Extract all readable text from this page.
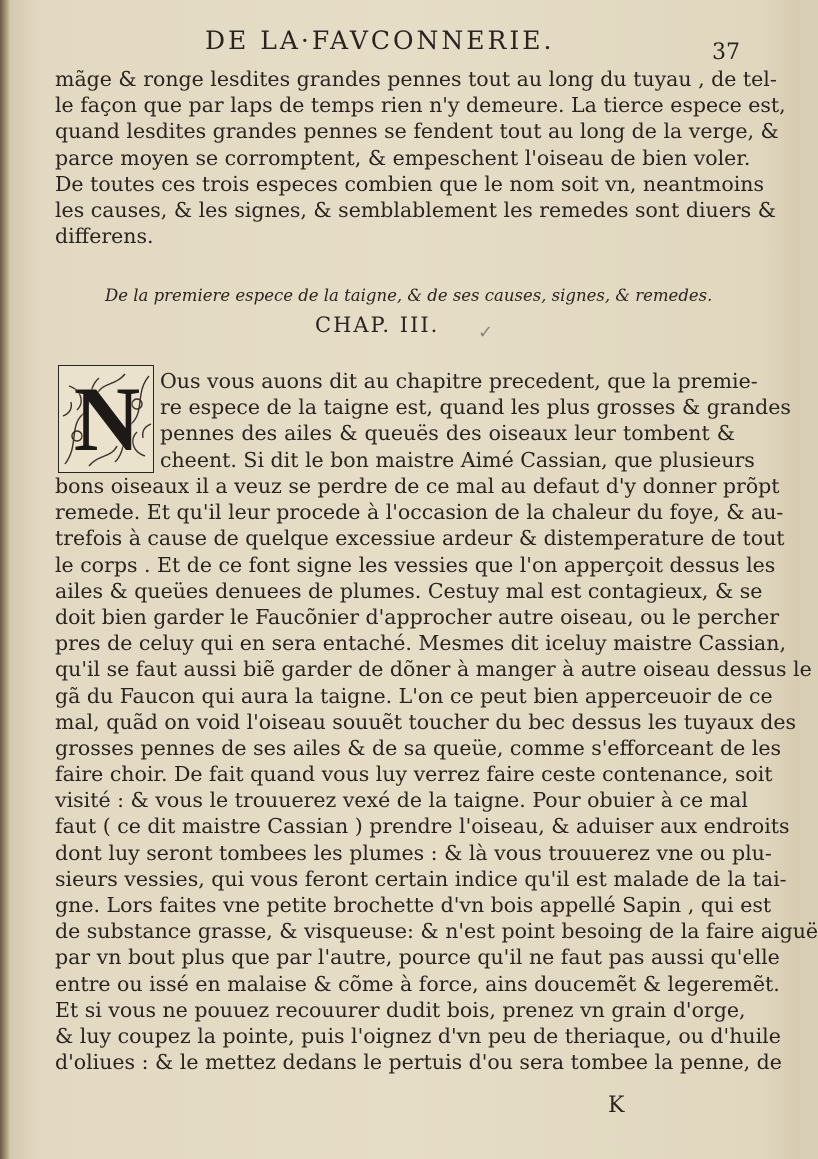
DE LA·FAVCONNERIE.	37
mãge & ronge lesdites grandes pennes tout au long du tuyau , de tel-
le façon que par laps de temps rien n'y demeure. La tierce espece est,
quand lesdites grandes pennes se fendent tout au long de la verge, &
parce moyen se corromptent, & empeschent l'oiseau de bien voler.
De toutes ces trois especes combien que le nom soit vn, neantmoins
les causes, & les signes, & semblablement les remedes sont diuers &
differens.
De la premiere espece de la taigne, & de ses causes, signes, & remedes.
CHAP. III. ✓
N Ous vous auons dit au chapitre precedent, que la premie-
re espece de la taigne est, quand les plus grosses & grandes
pennes des ailes & queuës des oiseaux leur tombent &
cheent. Si dit le bon maistre Aimé Cassian, que plusieurs
bons oiseaux il a veuz se perdre de ce mal au defaut d'y donner prõpt
remede. Et qu'il leur procede à l'occasion de la chaleur du foye, & au-
trefois à cause de quelque excessiue ardeur & distemperature de tout
le corps . Et de ce font signe les vessies que l'on apperçoit dessus les
ailes & queües denuees de plumes. Cestuy mal est contagieux, & se
doit bien garder le Faucõnier d'approcher autre oiseau, ou le percher
pres de celuy qui en sera entaché. Mesmes dit iceluy maistre Cassian,
qu'il se faut aussi biẽ garder de dõner à manger à autre oiseau dessus le
gã du Faucon qui aura la taigne. L'on ce peut bien apperceuoir de ce
mal, quãd on void l'oiseau souuẽt toucher du bec dessus les tuyaux des
grosses pennes de ses ailes & de sa queüe, comme s'efforceant de les
faire choir. De fait quand vous luy verrez faire ceste contenance, soit
visité : & vous le trouuerez vexé de la taigne. Pour obuier à ce mal
faut ( ce dit maistre Cassian ) prendre l'oiseau, & aduiser aux endroits
dont luy seront tombees les plumes : & là vous trouuerez vne ou plu-
sieurs vessies, qui vous feront certain indice qu'il est malade de la tai-
gne. Lors faites vne petite brochette d'vn bois appellé Sapin , qui est
de substance grasse, & visqueuse: & n'est point besoing de la faire aiguë
par vn bout plus que par l'autre, pource qu'il ne faut pas aussi qu'elle
entre ou issé en malaise & cõme à force, ains doucemẽt & legeremẽt.
Et si vous ne pouuez recouurer dudit bois, prenez vn grain d'orge,
& luy coupez la pointe, puis l'oignez d'vn peu de theriaque, ou d'huile
d'oliues : & le mettez dedans le pertuis d'ou sera tombee la penne, de
K
